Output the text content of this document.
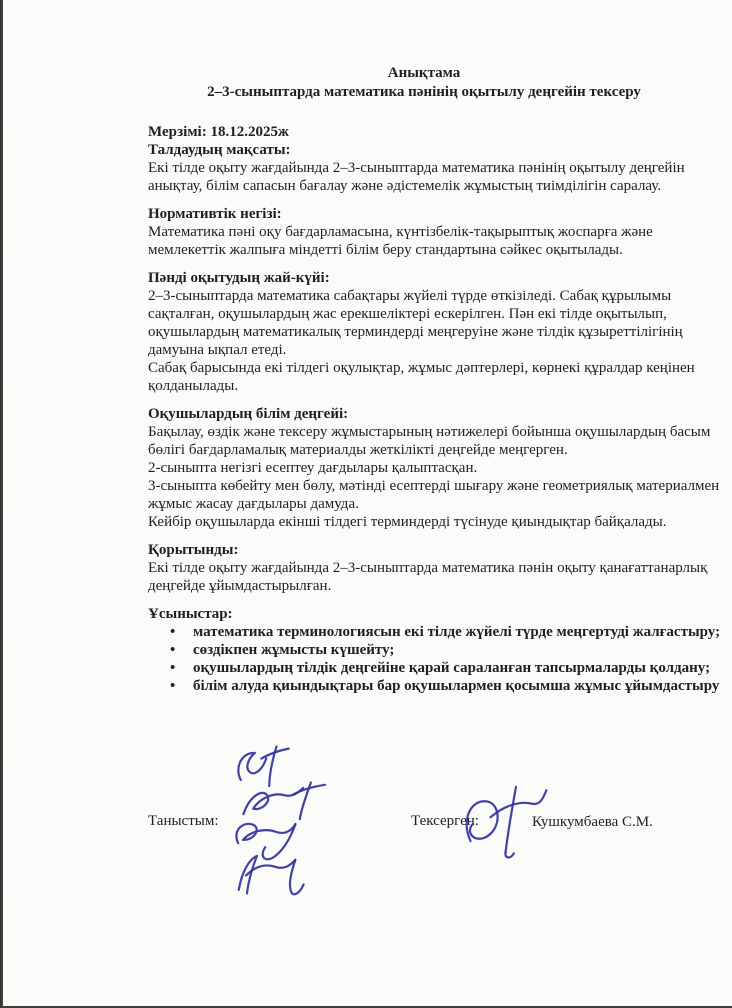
Анықтама
2–3-сыныптарда математика пәнінің оқытылу деңгейін тексеру
Мерзімі: 18.12.2025ж
Талдаудың мақсаты:
Екі тілде оқыту жағдайында 2–3-сыныптарда математика пәнінің оқытылу деңгейін
анықтау, білім сапасын бағалау және әдістемелік жұмыстың тиімділігін саралау.
Нормативтік негізі:
Математика пәні оқу бағдарламасына, күнтізбелік-тақырыптық жоспарға және
мемлекеттік жалпыға міндетті білім беру стандартына сәйкес оқытылады.
Пәнді оқытудың жай-күйі:
2–3-сыныптарда математика сабақтары жүйелі түрде өткізіледі. Сабақ құрылымы
сақталған, оқушылардың жас ерекшеліктері ескерілген. Пән екі тілде оқытылып,
оқушылардың математикалық терминдерді меңгеруіне және тілдік құзыреттілігінің
дамуына ықпал етеді.
Сабақ барысында екі тілдегі оқулықтар, жұмыс дәптерлері, көрнекі құралдар кеңінен
қолданылады.
Оқушылардың білім деңгейі:
Бақылау, өздік және тексеру жұмыстарының нәтижелері бойынша оқушылардың басым
бөлігі бағдарламалық материалды жеткілікті деңгейде меңгерген.
2-сыныпта негізгі есептеу дағдылары қалыптасқан.
3-сыныпта көбейту мен бөлу, мәтінді есептерді шығару және геометриялық материалмен
жұмыс жасау дағдылары дамуда.
Кейбір оқушыларда екінші тілдегі терминдерді түсінуде қиындықтар байқалады.
Қорытынды:
Екі тілде оқыту жағдайында 2–3-сыныптарда математика пәнін оқыту қанағаттанарлық
деңгейде ұйымдастырылған.
Ұсыныстар:
• математика терминологиясын екі тілде жүйелі түрде меңгертуді жалғастыру;
• сөздікпен жұмысты күшейту;
• оқушылардың тілдік деңгейіне қарай сараланған тапсырмаларды қолдану;
• білім алуда қиындықтары бар оқушылармен қосымша жұмыс ұйымдастыру
Таныстым:	Тексерген:	Кушкумбаева С.М.
